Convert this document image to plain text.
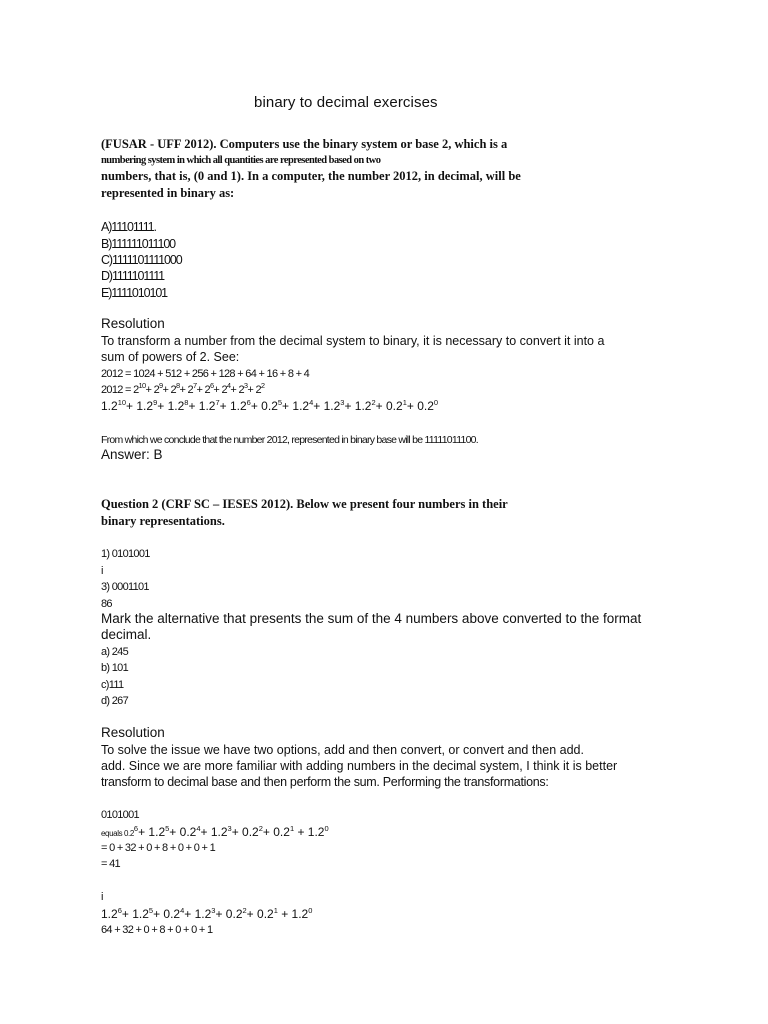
binary to decimal exercises
(FUSAR - UFF 2012). Computers use the binary system or base 2, which is a
numbering system in which all quantities are represented based on two
numbers, that is, (0 and 1). In a computer, the number 2012, in decimal, will be
represented in binary as:
A)11101111.
B)111111011100
C)1111101111000
D)1111101111
E)1111010101
Resolution
To transform a number from the decimal system to binary, it is necessary to convert it into a
sum of powers of 2. See:
2012 = 1024 + 512 + 256 + 128 + 64 + 16 + 8 + 4
$2012 = 2^{10}+ 2^9+ 2^8+ 2^7+ 2^6+ 2^4+ 2^3+ 2^2$
$1.2^{10}+ 1.2^9+ 1.2^8+ 1.2^7+ 1.2^6+ 0.2^5+ 1.2^4+ 1.2^3+ 1.2^2+ 0.2^1+ 0.2^0$
From which we conclude that the number 2012, represented in binary base will be 11111011100.
Answer: B
Question 2 (CRF SC – IESES 2012). Below we present four numbers in their
binary representations.
1) 0101001
i
3) 0001101
86
Mark the alternative that presents the sum of the 4 numbers above converted to the format
decimal.
a) 245
b) 101
c)111
d) 267
Resolution
To solve the issue we have two options, add and then convert, or convert and then add.
add. Since we are more familiar with adding numbers in the decimal system, I think it is better
transform to decimal base and then perform the sum. Performing the transformations:
0101001
equals $0.2^6+ 1.2^5+ 0.2^4+ 1.2^3+ 0.2^2+ 0.2^1 + 1.2^0$
= 0 + 32 + 0 + 8 + 0 + 0 + 1
= 41
i
$1.2^6+ 1.2^5+ 0.2^4+ 1.2^3+ 0.2^2+ 0.2^1 + 1.2^0$
64 + 32 + 0 + 8 + 0 + 0 + 1
